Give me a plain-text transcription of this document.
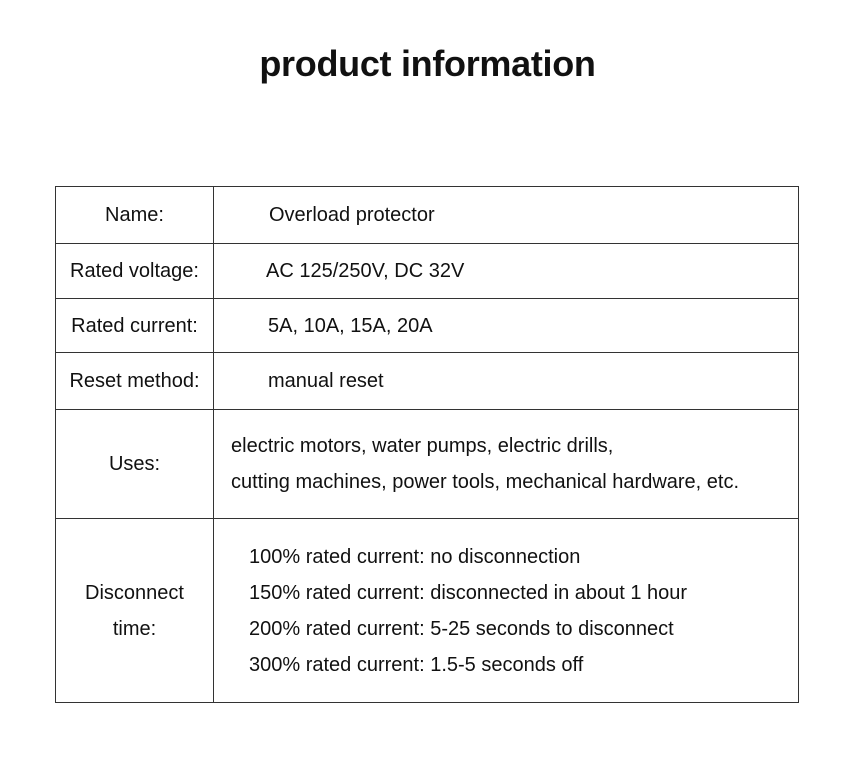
product information
Name:	Overload protector

Rated voltage:	AC 125/250V, DC 32V

Rated current:	5A, 10A, 15A, 20A

Reset method:	manual reset

Uses:	electric motors, water pumps, electric drills,
cutting machines, power tools, mechanical hardware, etc.

Disconnect
time:	100% rated current: no disconnection
150% rated current: disconnected in about 1 hour
200% rated current: 5-25 seconds to disconnect
300% rated current: 1.5-5 seconds off
